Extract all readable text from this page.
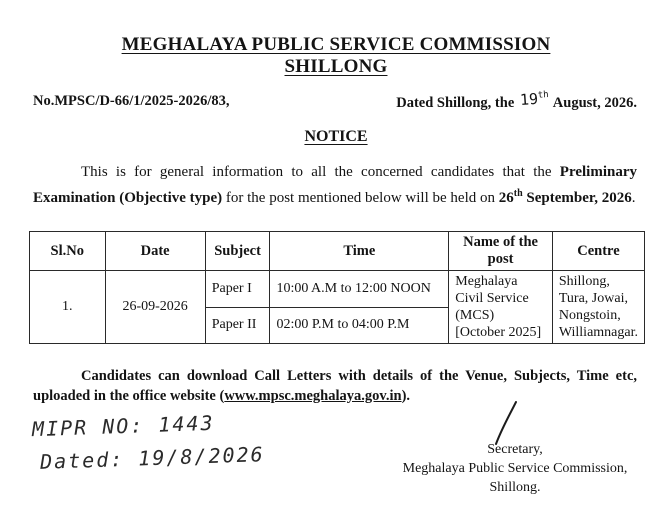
MEGHALAYA PUBLIC SERVICE COMMISSION
SHILLONG
No.MPSC/D-66/1/2025-2026/83,	Dated Shillong, the 19th August, 2026.
NOTICE
This is for general information to all the concerned candidates that the Preliminary Examination (Objective type) for the post mentioned below will be held on 26th September, 2026.
Sl.No	Date	Subject	Time	Name of the post	Centre
1.	26-09-2026	Paper I	10:00 A.M to 12:00 NOON	Meghalaya Civil Service (MCS) [October 2025]	Shillong, Tura, Jowai, Nongstoin, Williamnagar.
		Paper II	02:00 P.M to 04:00 P.M		
Candidates can download Call Letters with details of the Venue, Subjects, Time etc, uploaded in the office website (www.mpsc.meghalaya.gov.in).
MIPR NO: 1443
Dated: 19/8/2026	Secretary,
Meghalaya Public Service Commission,
Shillong.
